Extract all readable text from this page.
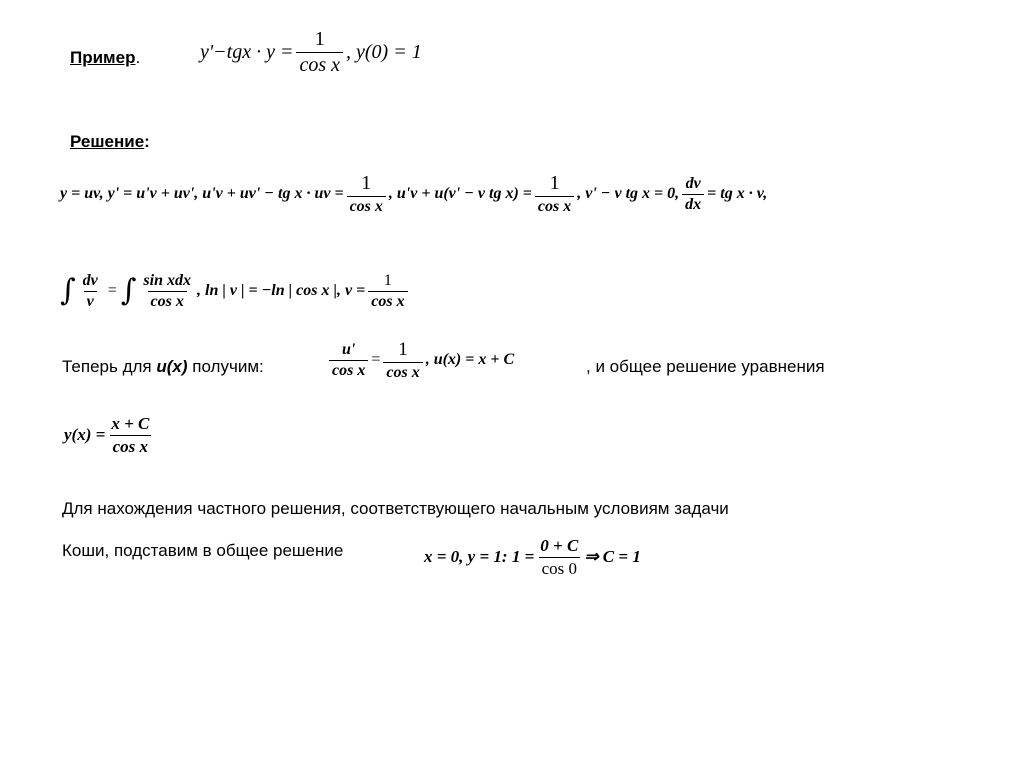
Пример.	$y'-tgx \cdot y = \frac{1}{\text{cos x}}$ , y(0) = 1
Решение:
y = uv, y' = u'v + uv', u'v + uv' − tg x · uv = $\frac{1}{\text{cos x}}$ , u'v + u(v' − v tg $x) = \frac{1}{\text{cos x}}$ , v' − v tg x = 0, $\frac{dv}{dx}$ = tg x · v,
∫ $\frac{dv}{v}$ = ∫ $\frac{\text{sin xdx}}{\text{cos x}}$ , ln | v | = −ln | cos x |, $v = \frac{1}{\text{cos x}}$
Теперь для u(x) получим:	$\frac{u'}{\text{cos x}} = \frac{1}{\text{cos x}}$ , u(x) = x + C	, и общее решение уравнения
$y(x) = \frac{x + C}{\text{cos x}}$
Для нахождения частного решения, соответствующего начальным условиям задачи
Коши, подставим в общее решение	x = 0, y = 1: $1 = \frac{0 + C}{\cos 0}$ ⇒ C = 1
